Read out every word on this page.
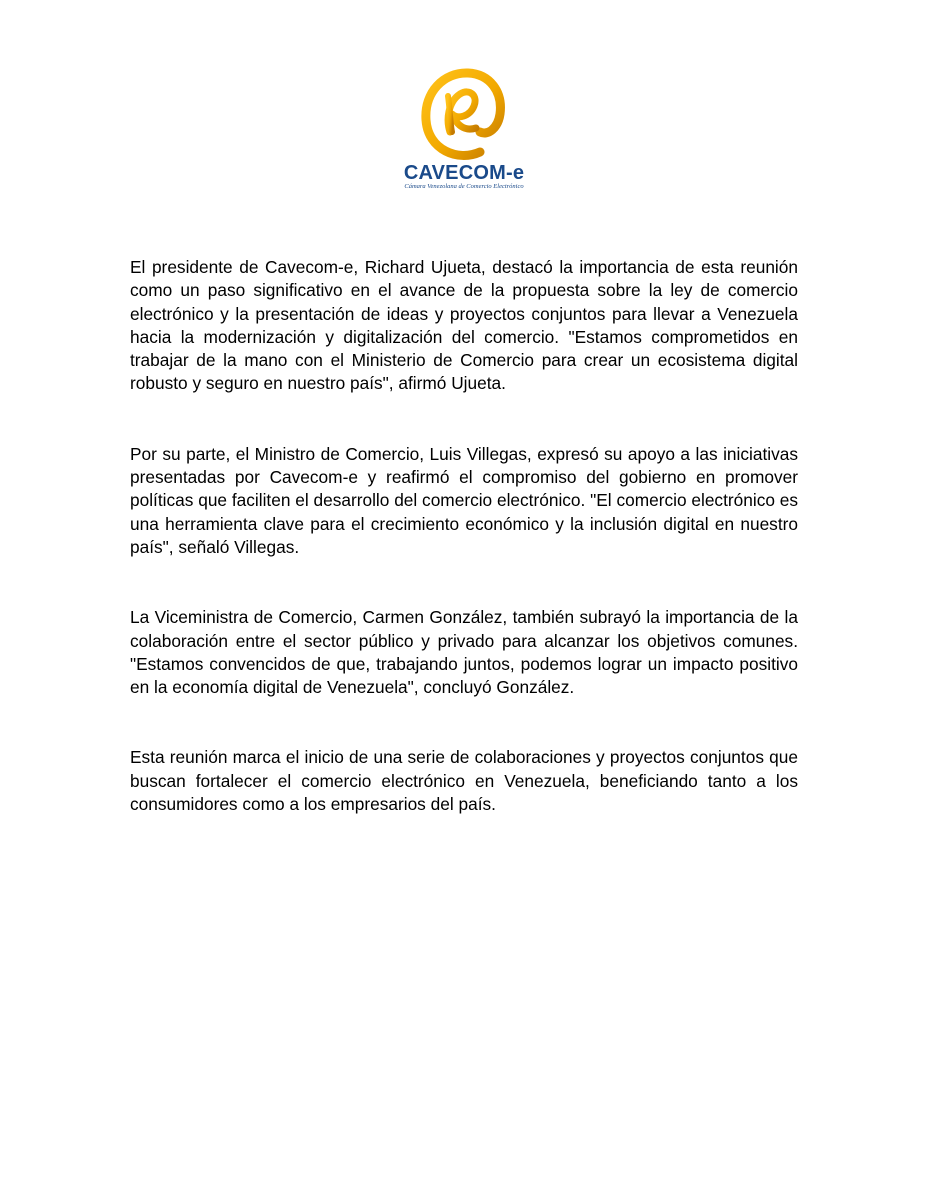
CAVECOM-e
Cámara Venezolana de Comercio Electrónico

El presidente de Cavecom-e, Richard Ujueta, destacó la importancia de esta reunión como un paso significativo en el avance de la propuesta sobre la ley de comercio electrónico y la presentación de ideas y proyectos conjuntos para llevar a Venezuela hacia la modernización y digitalización del comercio. "Estamos comprometidos en trabajar de la mano con el Ministerio de Comercio para crear un ecosistema digital robusto y seguro en nuestro país", afirmó Ujueta.

Por su parte, el Ministro de Comercio, Luis Villegas, expresó su apoyo a las iniciativas presentadas por Cavecom-e y reafirmó el compromiso del gobierno en promover políticas que faciliten el desarrollo del comercio electrónico. "El comercio electrónico es una herramienta clave para el crecimiento económico y la inclusión digital en nuestro país", señaló Villegas.

La Viceministra de Comercio, Carmen González, también subrayó la importancia de la colaboración entre el sector público y privado para alcanzar los objetivos comunes. "Estamos convencidos de que, trabajando juntos, podemos lograr un impacto positivo en la economía digital de Venezuela", concluyó González.

Esta reunión marca el inicio de una serie de colaboraciones y proyectos conjuntos que buscan fortalecer el comercio electrónico en Venezuela, beneficiando tanto a los consumidores como a los empresarios del país.
